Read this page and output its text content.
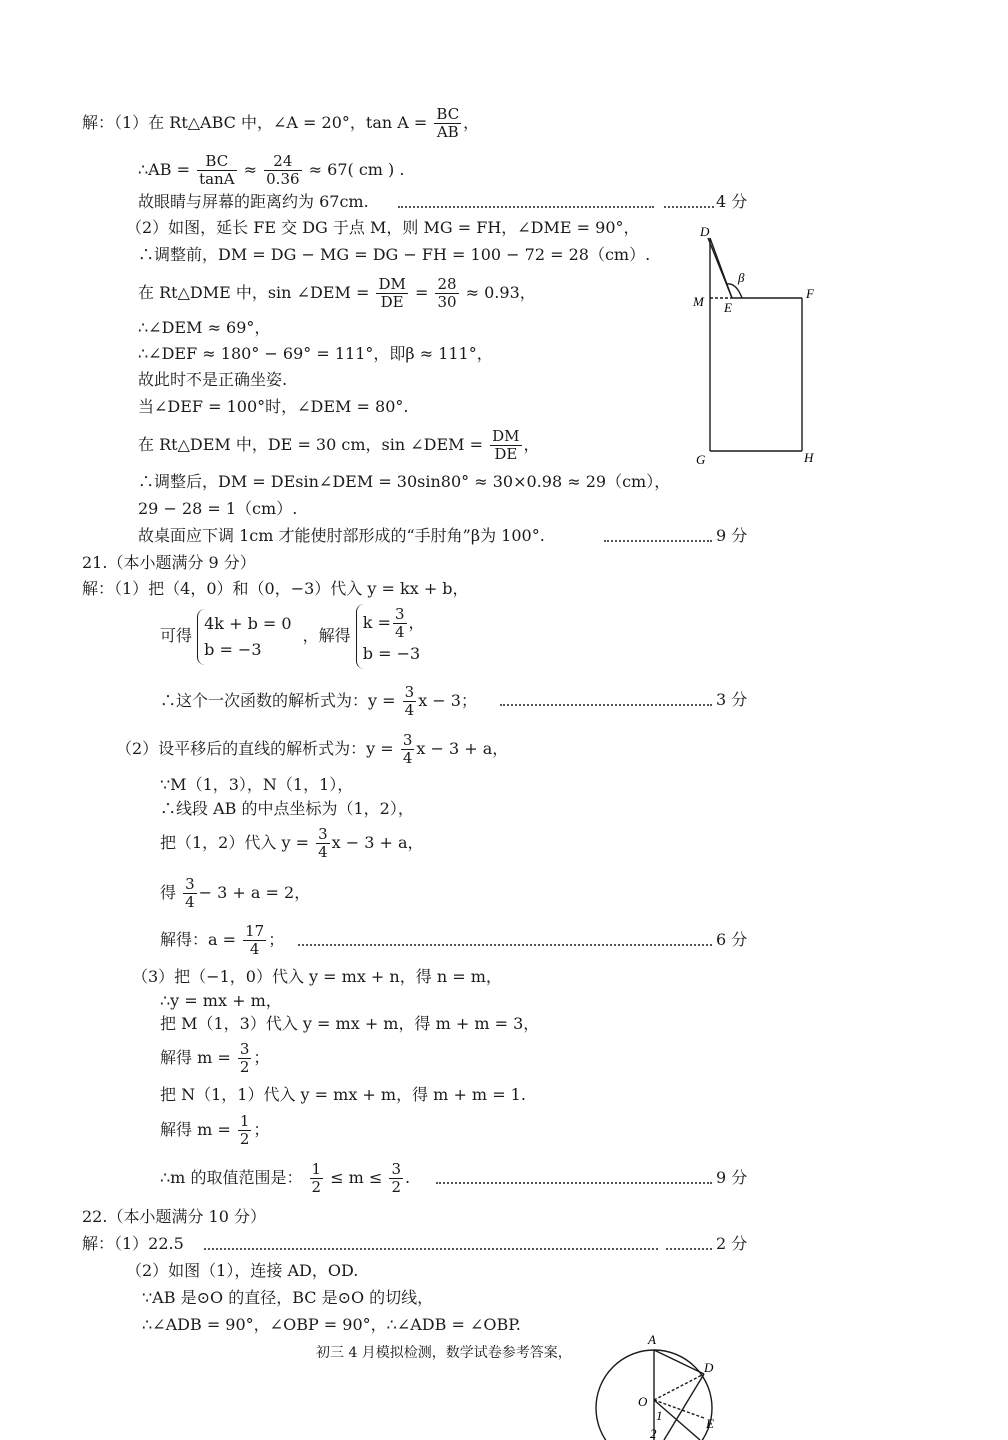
解：（1）在 Rt△ABC 中，∠A = 20°，$\tan A = \frac{BC}{AB}$ ，
∴AB = $\frac{BC}{\tan A} \approx \frac{24}{0.36} \approx 67$( cm ) .
故眼睛与屏幕的距离约为 67cm.	4 分
（2）如图，延长 FE 交 DG 于点 M，则 MG = FH，∠DME = 90°，
∴调整前，DM = DG − MG = DG − FH = 100 − 72 = 28（cm）.
在 Rt△DME 中，sin ∠DEM = $\frac{DM}{DE} = \frac{28}{30} \approx 0.93$，
∴∠DEM ≈ 69°，
∴∠DEF ≈ 180° − 69° = 111°，即β ≈ 111°，
故此时不是正确坐姿.
当∠DEF = 100°时，∠DEM = 80°.
在 Rt△DEM 中，DE = 30 cm，sin ∠DEM = $\frac{DM}{DE}$ ，
∴调整后，DM = DEsin∠DEM = 30sin80° ≈ 30×0.98 ≈ 29（cm），
29 − 28 = 1（cm）.
故桌面应下调 1cm 才能使肘部形成的“手肘角”β为 100°.	9 分
D
β
F
M E
G	H
21.（本小题满分 9 分）
解：（1）把（4，0）和（0，−3）代入 y = kx + b，
可得
4k + b = 0
b = −3
，解得
$k = \frac{3}{4}$ ，
b = −3
∴这个一次函数的解析式为：$y = \frac{3}{4}$ x − 3；	3 分
（2）设平移后的直线的解析式为：$y = \frac{3}{4}$ x − 3 + a，
∵M（1，3），N（1，1），
∴线段 AB 的中点坐标为（1，2），
把（1，2）代入 $y = \frac{3}{4}$ x − 3 + a，
得 $\frac{3}{4} - 3 + a = 2$，
解得：$a = \frac{17}{4}$ ；	6 分
（3）把（−1，0）代入 y = mx + n，得 n = m，
∴y = mx + m，
把 M（1，3）代入 y = mx + m，得 m + m = 3，
解得 $m = \frac{3}{2}$ ；
把 N（1，1）代入 y = mx + m，得 m + m = 1.
解得 $m = \frac{1}{2}$ ；
∴m 的取值范围是： $\frac{1}{2} \le m \le \frac{3}{2}$ .	9 分
22.（本小题满分 10 分）
解：（1）22.5	2 分
（2）如图（1），连接 AD，OD.
∵AB 是⊙O 的直径，BC 是⊙O 的切线，
∴∠ADB = 90°，∠OBP = 90°，∴∠ADB = ∠OBP.
初三 4 月模拟检测，数学试卷参考答案，
A
D
O
E
1
2
